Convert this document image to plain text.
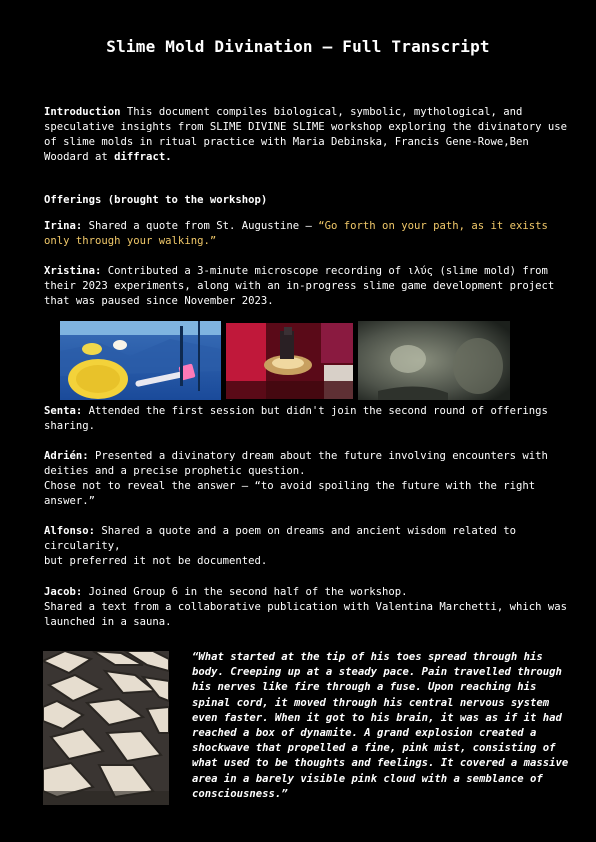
Slime Mold Divination — Full Transcript

Introduction This document compiles biological, symbolic, mythological, and speculative insights from SLIME DIVINE SLIME workshop exploring the divinatory use of slime molds in ritual practice with Maria Debinska, Francis Gene-Rowe,Ben Woodard at diffract.

Offerings (brought to the workshop)

Irina: Shared a quote from St. Augustine – “Go forth on your path, as it exists only through your walking.”

Xristina: Contributed a 3-minute microscope recording of ιλύς (slime mold) from their 2023 experiments, along with an in-progress slime game development project that was paused since November 2023.

Senta: Attended the first session but didn't join the second round of offerings sharing.

Adrién: Presented a divinatory dream about the future involving encounters with deities and a precise prophetic question.

Chose not to reveal the answer – “to avoid spoiling the future with the right answer.”

Alfonso: Shared a quote and a poem on dreams and ancient wisdom related to circularity,

but preferred it not be documented.

Jacob: Joined Group 6 in the second half of the workshop.

Shared a text from a collaborative publication with Valentina Marchetti, which was launched in a sauna.

“What started at the tip of his toes spread through his body. Creeping up at a steady pace. Pain travelled through his nerves like fire through a fuse. Upon reaching his spinal cord, it moved through his central nervous system even faster. When it got to his brain, it was as if it had reached a box of dynamite. A grand explosion created a shockwave that propelled a fine, pink mist, consisting of what used to be thoughts and feelings. It covered a massive area in a barely visible pink cloud with a semblance of consciousness.”
